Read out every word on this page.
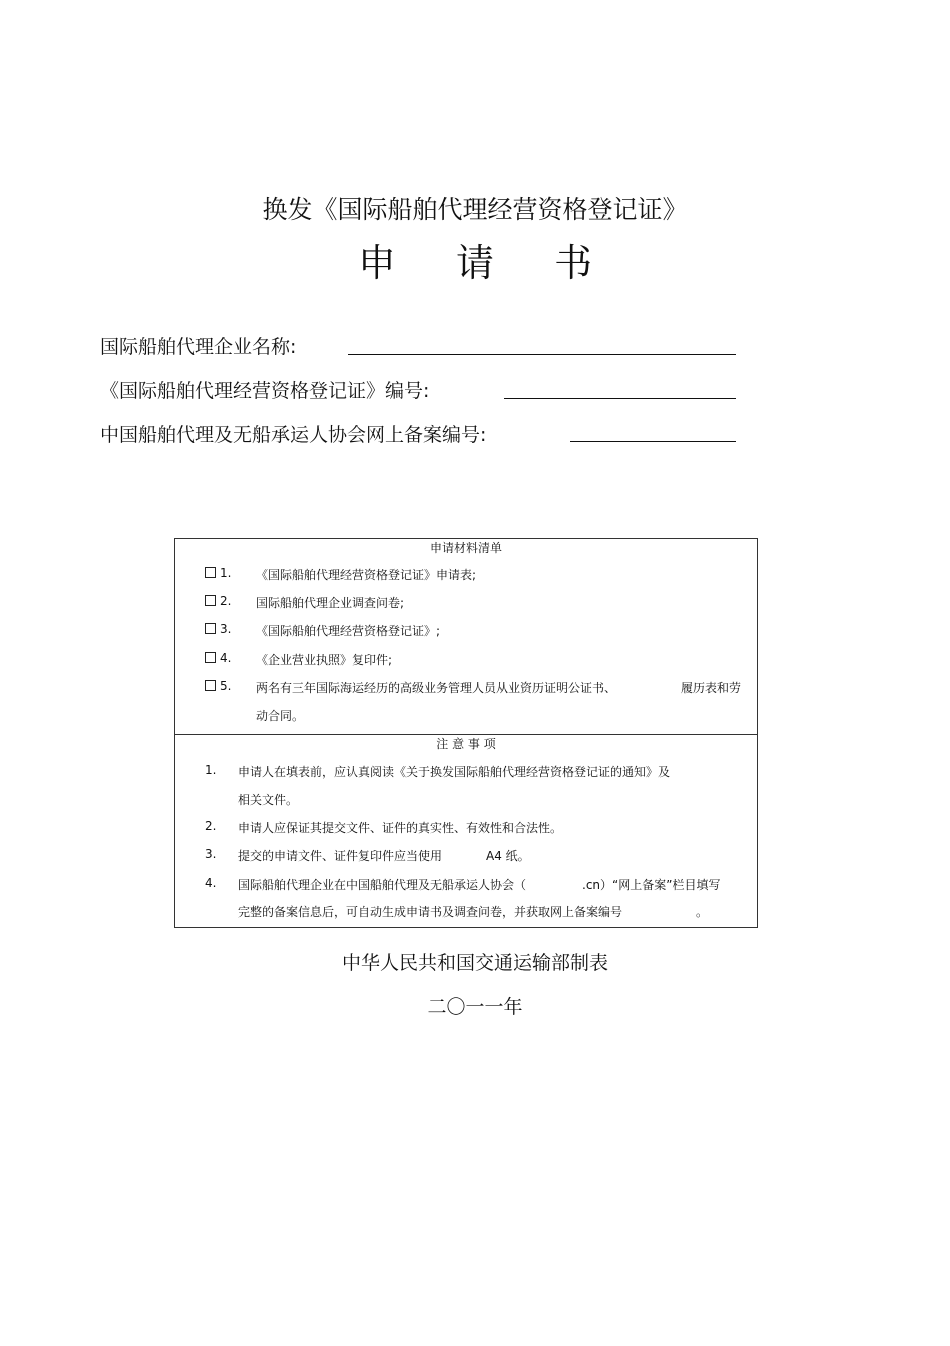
换发《国际船舶代理经营资格登记证》
申 请 书
国际船舶代理企业名称:
《国际船舶代理经营资格登记证》编号:
中国船舶代理及无船承运人协会网上备案编号:
申请材料清单
1. 《国际船舶代理经营资格登记证》申请表;
2. 国际船舶代理企业调查问卷;
3. 《国际船舶代理经营资格登记证》;
4. 《企业营业执照》复印件;
5. 两名有三年国际海运经历的高级业务管理人员从业资历证明公证书、	履历表和劳
动合同。
注 意 事 项
1. 申请人在填表前，应认真阅读《关于换发国际船舶代理经营资格登记证的通知》及
相关文件。
2. 申请人应保证其提交文件、证件的真实性、有效性和合法性。
3. 提交的申请文件、证件复印件应当使用	A4 纸。
4. 国际船舶代理企业在中国船舶代理及无船承运人协会（	.cn）“网上备案”栏目填写
完整的备案信息后，可自动生成申请书及调查问卷，并获取网上备案编号	。
中华人民共和国交通运输部制表
二〇一一年
